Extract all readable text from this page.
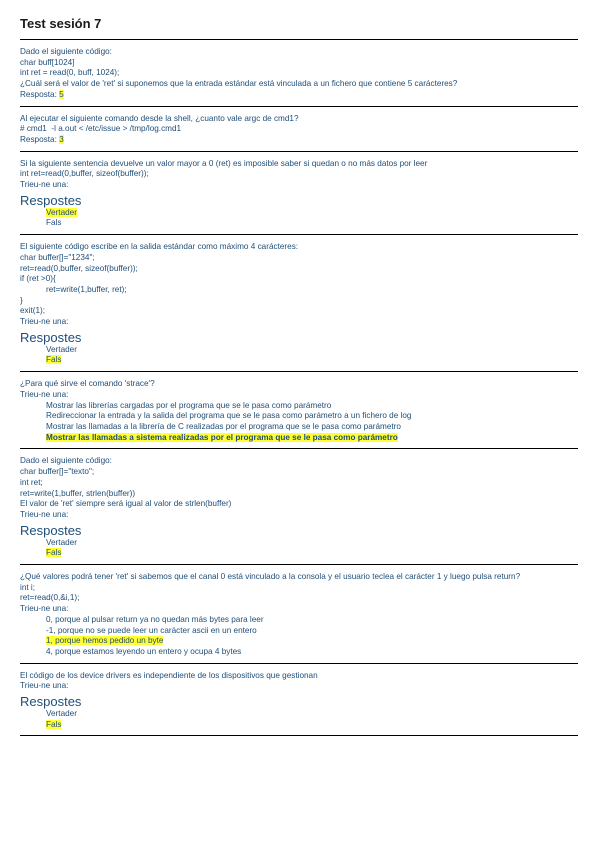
Test sesión 7
Dado el siguiente código:
char buff[1024]
int ret = read(0, buff, 1024);
¿Cuál será el valor de 'ret' si suponemos que la entrada estándar está vinculada a un fichero que contiene 5 carácteres?
Resposta: 5
Al ejecutar el siguiente comando desde la shell, ¿cuanto vale argc de cmd1?
# cmd1  -l a.out < /etc/issue > /tmp/log.cmd1
Resposta: 3
Si la siguiente sentencia devuelve un valor mayor a 0 (ret) es imposible saber si quedan o no más datos por leer
int ret=read(0,buffer, sizeof(buffer));
Trieu-ne una:
Respostes
Vertader
Fals
El siguiente código escribe en la salida estándar como máximo 4 carácteres:
char buffer[]="1234";
ret=read(0,buffer, sizeof(buffer));
if (ret >0){
ret=write(1,buffer, ret);
}
exit(1);
Trieu-ne una:
Respostes
Vertader
Fals
¿Para qué sirve el comando 'strace'?
Trieu-ne una:
Mostrar las librerías cargadas por el programa que se le pasa como parámetro
Redireccionar la entrada y la salida del programa que se le pasa como parámetro a un fichero de log
Mostrar las llamadas a la librería de C realizadas por el programa que se le pasa como parámetro
Mostrar las llamadas a sistema realizadas por el programa que se le pasa como parámetro
Dado el siguiente código:
char buffer[]="texto";
int ret;
ret=write(1,buffer, strlen(buffer))
El valor de 'ret' siempre será igual al valor de strlen(buffer)
Trieu-ne una:
Respostes
Vertader
Fals
¿Qué valores podrá tener 'ret' si sabemos que el canal 0 está vinculado a la consola y el usuario teclea el carácter 1 y luego pulsa return?
int i;
ret=read(0,&i,1);
Trieu-ne una:
0, porque al pulsar return ya no quedan más bytes para leer
-1, porque no se puede leer un carácter ascii en un entero
1, porque hemos pedido un byte
4, porque estamos leyendo un entero y ocupa 4 bytes
El código de los device drivers es independiente de los dispositivos que gestionan
Trieu-ne una:
Respostes
Vertader
Fals
